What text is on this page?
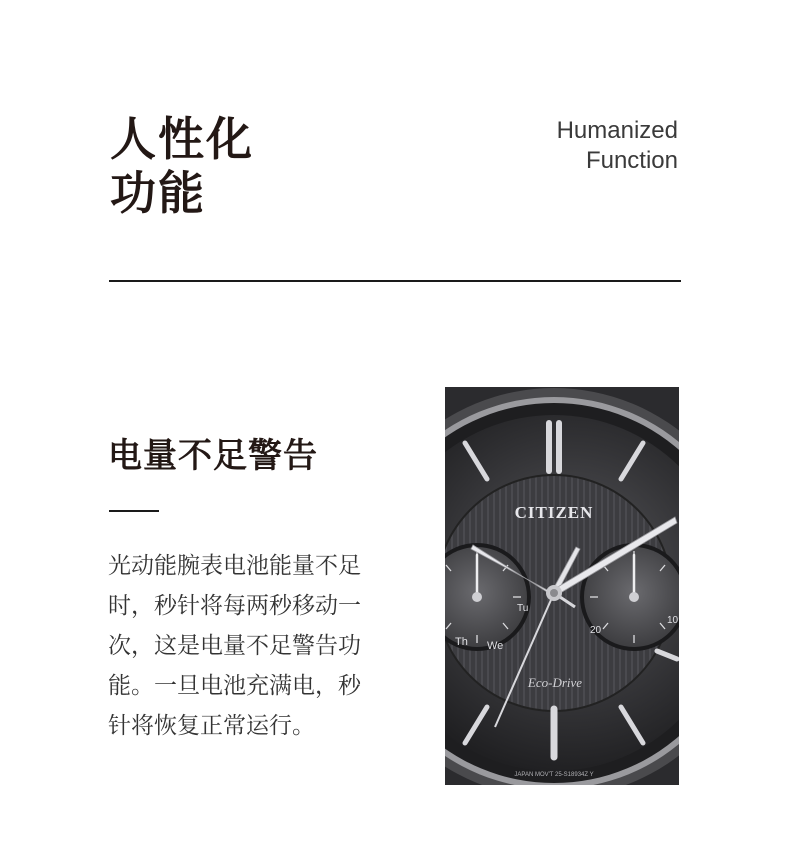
人性化
功能
Humanized
Function
电量不足警告

光动能腕表电池能量不足时，秒针将每两秒移动一次，这是电量不足警告功能。一旦电池充满电，秒针将恢复正常运行。

CITIZEN
Eco-Drive
JAPAN MOV'T 25-S18934Z Y
Th We
Tu
20
10
